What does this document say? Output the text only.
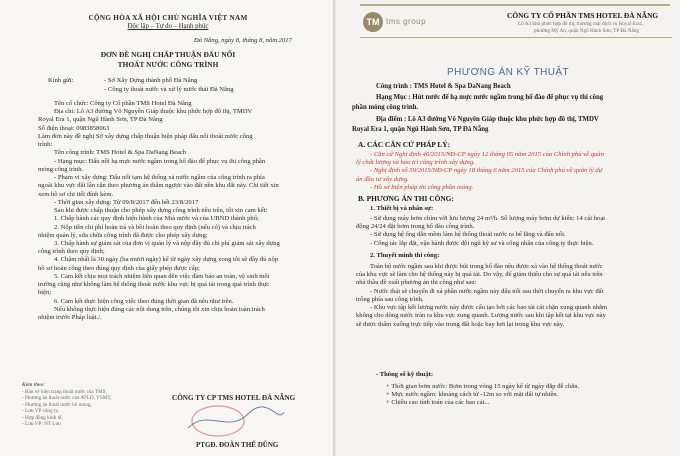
CỘNG HÒA XÃ HỘI CHỦ NGHĨA VIỆT NAM
Độc lập – Tự do – Hạnh phúc
Đà Nẵng, ngày 8, tháng 8, năm 2017
ĐƠN ĐỀ NGHỊ CHẤP THUẬN ĐẤU NỐI
THOÁT NƯỚC CÔNG TRÌNH
Kính gửi:	- Sở Xây Dựng thành phố Đà Nẵng
- Công ty thoát nước và xử lý nước thải Đà Nẵng
Tên cổ chức: Công ty Cổ phần TMS Hotel Đà Nẵng
Địa chỉ: Lô A3 đường Võ Nguyên Giáp thuộc khu phức hợp đô thị, TMDV
Royal Era 1, quận Ngũ Hành Sơn, TP Đà Nẵng
Số điện thoại: 0983858063
Làm đơn này đề nghị Sở xây dựng chấp thuận biện pháp đấu nối thoát nước công
trình:
Tên công trình: TMS Hotel & Spa DaNang Beach
- Hạng mục: Đấu nối hạ mực nước ngầm trong hố đào để phục vụ thi công phần
móng công trình.
- Phạm vi xây dựng: Đấu nối tạm hệ thống xả nước ngầm của công trình ra phía
ngoài khu vực đất lân cận theo phương án thẩm ngược vào đất nền khu đất này. Chi tiết xin
xem hồ sơ chi tiết đính kèm.
- Thời gian xây dựng: Từ 09/8/2017 đến hết 23/8/2017
Sau khi được chấp thuận cho phép xây dựng công trình nêu trên, tôi xin cam kết:
1. Chấp hành các quy định hiện hành của Nhà nước và của UBND thành phố;
2. Nộp tiền chi phí hoàn trả và bồi hoàn theo quy định (nếu có) và chịu trách
nhiệm quản lý, sửa chữa công trình đã được cho phép xây dựng;
3. Chấp hành sự giám sát của đơn vị quản lý và nộp đầy đủ chi phí giám sát xây dựng
công trình theo quy định;
4. Chậm nhất là 30 ngày (ba mươi ngày) kể từ ngày xây dựng xong tôi sẽ đầy đủ nộp
hồ sơ hoàn công theo đúng quy định của giấy phép được cấp;
5. Cam kết chịu mọi trách nhiệm liên quan đến việc đảm bảo an toàn, vệ sinh môi
trường cũng như không làm hệ thống thoát nước khu vực bị quá tải trong quá trình thực
hiện;
6. Cam kết thực hiện công việc theo đúng thời gian đã nêu như trên.
Nếu không thực hiện đúng các nội dung trên, chúng tôi xin chịu hoàn toàn trách
nhiệm trước Pháp luật./.
Kèm theo:
- Bản vẽ hiện trạng thoát nước của TMS,
- Phương án thoát nước của ATLD, VSMT,
- Phương án thoát nước hố móng,
- Lưu VP công ty,
- Hợp đồng kinh tế,
- Lưu VP: NT Lưu
CÔNG TY CP TMS HOTEL ĐÀ NẴNG
PTGĐ. ĐOÀN THẾ DŨNG
TM tms group
CÔNG TY CỔ PHẦN TMS HOTEL ĐÀ NẴNG
Lô A3 khu phức hợp đô thị, thương mại dịch vụ Royal Era1,
phường Mỹ An, quận Ngũ Hành Sơn, TP Đà Nẵng
PHƯƠNG ÁN KỸ THUẬT
Công trình : TMS Hotel & Spa DaNang Beach
Hạng Mục : Hút nước để hạ mực nước ngầm trong hố đào để phục vụ thi công
phần móng công trình.
Địa điểm : Lô A3 đường Võ Nguyên Giáp thuộc khu phức hợp đô thị, TMDV
Royal Era 1, quận Ngũ Hành Sơn, TP Đà Nẵng
A. CÁC CĂN CỨ PHÁP LÝ:
- Căn cứ Nghị định 46/2015/NĐ-CP ngày 12 tháng 05 năm 2015 của Chính phủ về quản
lý chất lượng và bảo trì công trình xây dựng.
- Nghị định số 59/2015/NĐ-CP ngày 18 tháng 6 năm 2015 của Chính phủ về quản lý dự
án đầu tư xây dựng.
- Hồ sơ biện pháp thi công phần móng.
B. PHƯƠNG ÁN THI CÔNG:
1. Thiết bị và nhân sự:
- Sử dụng máy bơm chìm với lưu lượng 24 m³/h. Số lượng máy bơm dự kiến: 14 cái hoạt
động 24/24 đặt bơm trong hố đào công trình.
- Sử dụng hệ ống dẫn mềm làm hệ thống thoát nước ra bể lắng và đấu nối.
- Công tác lắp đặt, vận hành được đội ngũ kỹ sư và công nhân của công ty thực hiện.
2. Thuyết minh thi công:
Toàn bộ nước ngầm sau khi được hút trong hố đào nêu được xả vào hệ thống thoát nước
của khu vực sẽ làm cho hệ thống này bị quá tải. Do vậy, để giảm thiểu cho sự quá tải nêu trên
nhà thầu đề xuất phương án thi công như sau:
- Nước thải sẽ chuyển đi xả phần nước ngầm này đấu nối sau thời chuyển ra khu vực đất
trống phía sau công trình.
- Khu vực tập kết lượng nước này được cấu tạo bởi các bao tải cát chặn xung quanh nhằm
không cho dòng nước tràn ra khu vực xung quanh. Lượng nước sau khi tập kết tại khu vực này
sẽ được thấm xuống trực tiếp vào trong đất hoặc bay hơi lại trong khu vực này.
- Thông số kỹ thuật:
+ Thời gian bơm nước: Bơm trong vòng 15 ngày kể từ ngày đắp đê chắn.
+ Mực nước ngầm: khoảng cách từ -12m so với mặt đất tự nhiên.
+ Chiều cao tính toán của các bao cát...
